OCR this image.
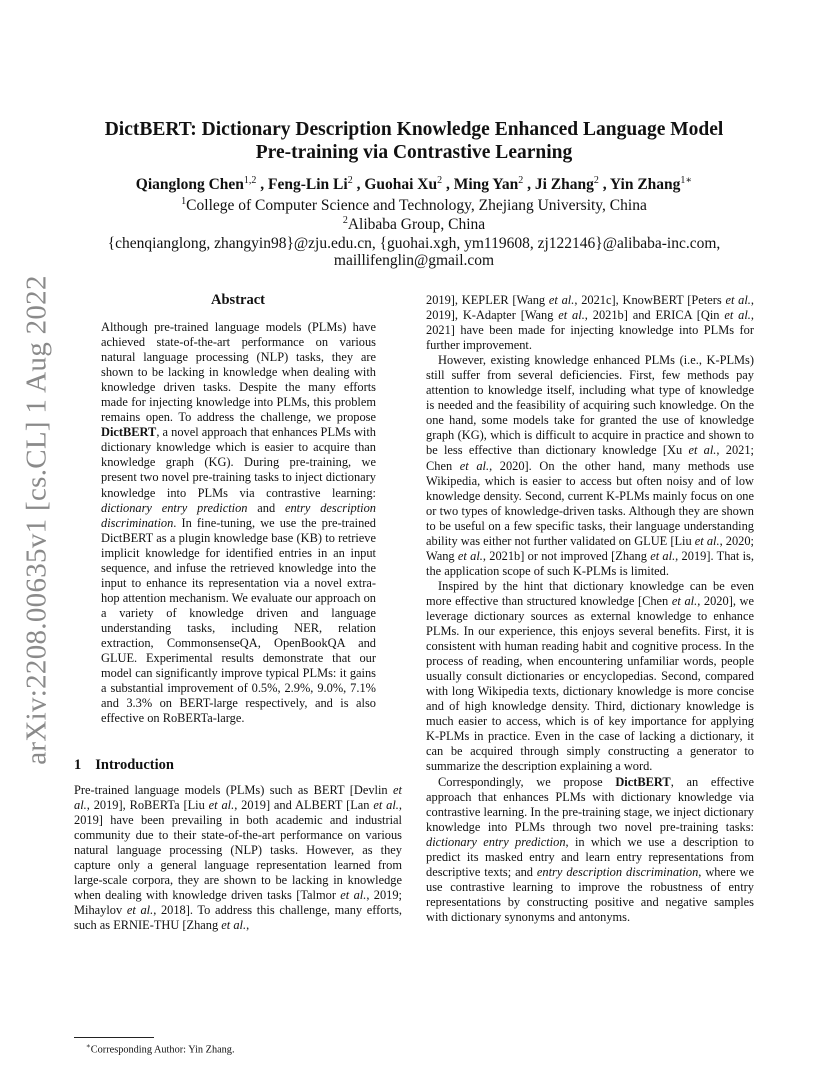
arXiv:2208.00635v1 [cs.CL] 1 Aug 2022
DictBERT: Dictionary Description Knowledge Enhanced Language Model
Pre-training via Contrastive Learning
Qianglong Chen$^{1,2}$ , Feng-Lin Li$^2$ , Guohai Xu$^2$ , Ming Yan$^2$ , Ji Zhang$^2$ , Yin Zhang$^{1∗}$
$^1$College of Computer Science and Technology, Zhejiang University, China
$^2$Alibaba Group, China
{chenqianglong, zhangyin98}@zju.edu.cn, {guohai.xgh, ym119608, zj122146}@alibaba-inc.com,
maillifenglin@gmail.com
Abstract

Although pre-trained language models (PLMs) have achieved state-of-the-art performance on various natural language processing (NLP) tasks, they are shown to be lacking in knowledge when dealing with knowledge driven tasks. Despite the many efforts made for injecting knowledge into PLMs, this problem remains open. To address the challenge, we propose DictBERT, a novel approach that enhances PLMs with dictionary knowledge which is easier to acquire than knowledge graph (KG). During pre-training, we present two novel pre-training tasks to inject dictionary knowledge into PLMs via contrastive learning: dictionary entry prediction and entry description discrimination. In fine-tuning, we use the pre-trained DictBERT as a plugin knowledge base (KB) to retrieve implicit knowledge for identified entries in an input sequence, and infuse the retrieved knowledge into the input to enhance its representation via a novel extra-hop attention mechanism. We evaluate our approach on a variety of knowledge driven and language understanding tasks, including NER, relation extraction, CommonsenseQA, OpenBookQA and GLUE. Experimental results demonstrate that our model can significantly improve typical PLMs: it gains a substantial improvement of 0.5%, 2.9%, 9.0%, 7.1% and 3.3% on BERT-large respectively, and is also effective on RoBERTa-large.

1 Introduction

Pre-trained language models (PLMs) such as BERT [Devlin et al., 2019], RoBERTa [Liu et al., 2019] and ALBERT [Lan et al., 2019] have been prevailing in both academic and industrial community due to their state-of-the-art performance on various natural language processing (NLP) tasks. However, as they capture only a general language representation learned from large-scale corpora, they are shown to be lacking in knowledge when dealing with knowledge driven tasks [Talmor et al., 2019; Mihaylov et al., 2018]. To address this challenge, many efforts, such as ERNIE-THU [Zhang et al.,

2019], KEPLER [Wang et al., 2021c], KnowBERT [Peters et al., 2019], K-Adapter [Wang et al., 2021b] and ERICA [Qin et al., 2021] have been made for injecting knowledge into PLMs for further improvement.

However, existing knowledge enhanced PLMs (i.e., K-PLMs) still suffer from several deficiencies. First, few methods pay attention to knowledge itself, including what type of knowledge is needed and the feasibility of acquiring such knowledge. On the one hand, some models take for granted the use of knowledge graph (KG), which is difficult to acquire in practice and shown to be less effective than dictionary knowledge [Xu et al., 2021; Chen et al., 2020]. On the other hand, many methods use Wikipedia, which is easier to access but often noisy and of low knowledge density. Second, current K-PLMs mainly focus on one or two types of knowledge-driven tasks. Although they are shown to be useful on a few specific tasks, their language understanding ability was either not further validated on GLUE [Liu et al., 2020; Wang et al., 2021b] or not improved [Zhang et al., 2019]. That is, the application scope of such K-PLMs is limited.

Inspired by the hint that dictionary knowledge can be even more effective than structured knowledge [Chen et al., 2020], we leverage dictionary sources as external knowledge to enhance PLMs. In our experience, this enjoys several benefits. First, it is consistent with human reading habit and cognitive process. In the process of reading, when encountering unfamiliar words, people usually consult dictionaries or encyclopedias. Second, compared with long Wikipedia texts, dictionary knowledge is more concise and of high knowledge density. Third, dictionary knowledge is much easier to access, which is of key importance for applying K-PLMs in practice. Even in the case of lacking a dictionary, it can be acquired through simply constructing a generator to summarize the description explaining a word.

Correspondingly, we propose DictBERT, an effective approach that enhances PLMs with dictionary knowledge via contrastive learning. In the pre-training stage, we inject dictionary knowledge into PLMs through two novel pre-training tasks: dictionary entry prediction, in which we use a description to predict its masked entry and learn entry representations from descriptive texts; and entry description discrimination, where we use contrastive learning to improve the robustness of entry representations by constructing positive and negative samples with dictionary synonyms and antonyms.

∗Corresponding Author: Yin Zhang.
